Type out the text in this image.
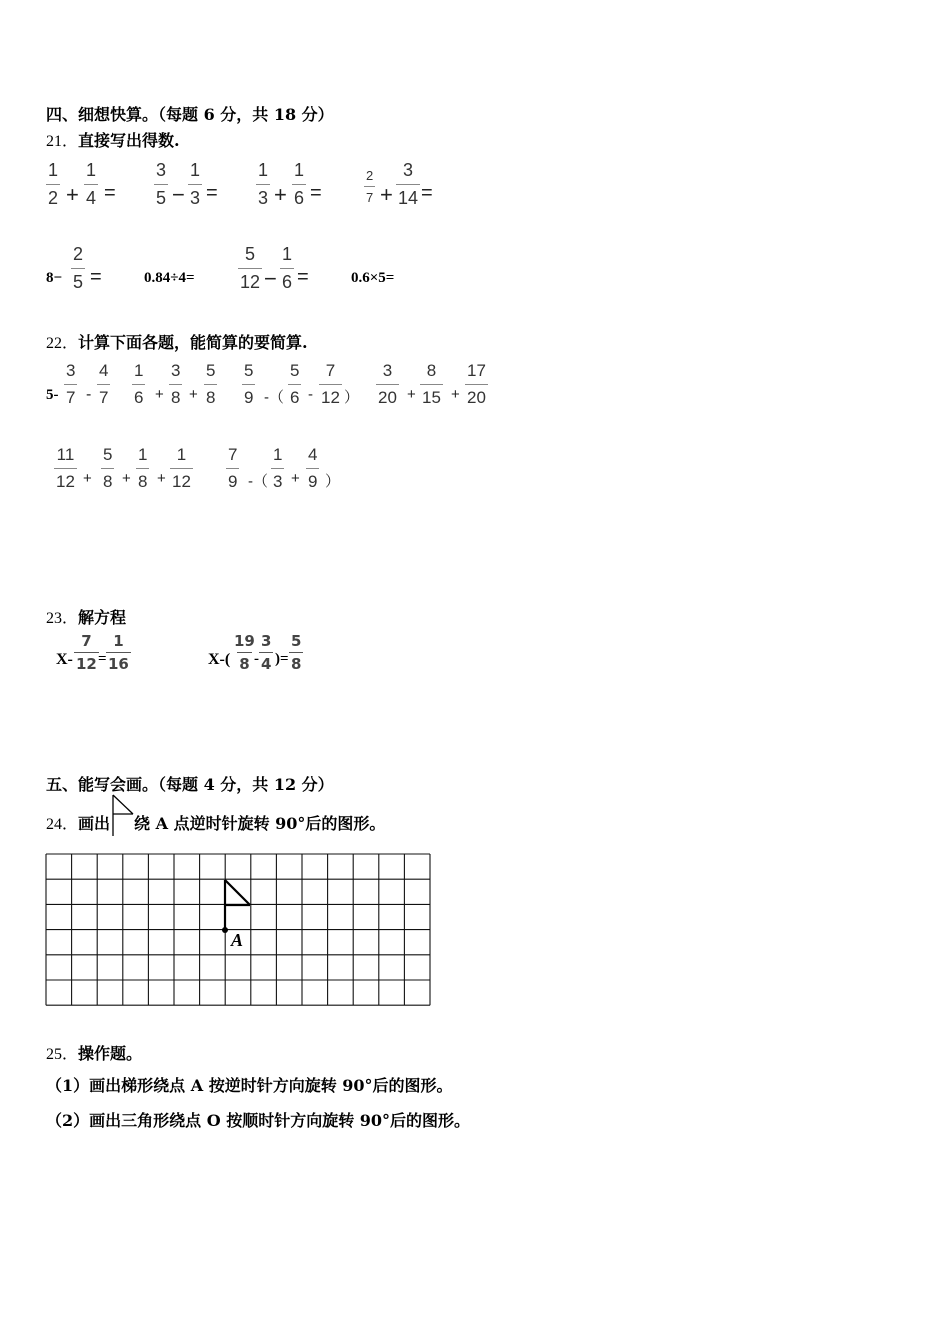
四、细想快算。（每题 6 分，共 18 分）
21．直接写出得数.
1
2 +
1
4 =
3
5 −
1
3 =
1
3 +
1
6 =
2
7 +
3
14 =
8−
2
5 =	0.84÷4=
5
12 −
1
6 =	0.6×5=
22．计算下面各题，能简算的要简算.
5-
3
7 -
4
7
1
6 +
3
8 +
5
8
5
9 -（
5
6 -
7
12 ）
3
20 +
8
15 +
17
20
11
12 +
5
8 +
1
8 +
1
12
7
9 -（
1
3 +
4
9 ）
23．解方程
X-
7
12 =
1
16	X-(
19
8 -
3
4 )=
5
8
五、能写会画。（每题 4 分，共 12 分）
24．画出 绕 A 点逆时针旋转 90°后的图形。
A
25．操作题。
（1）画出梯形绕点 A 按逆时针方向旋转 90°后的图形。
（2）画出三角形绕点 O 按顺时针方向旋转 90°后的图形。
